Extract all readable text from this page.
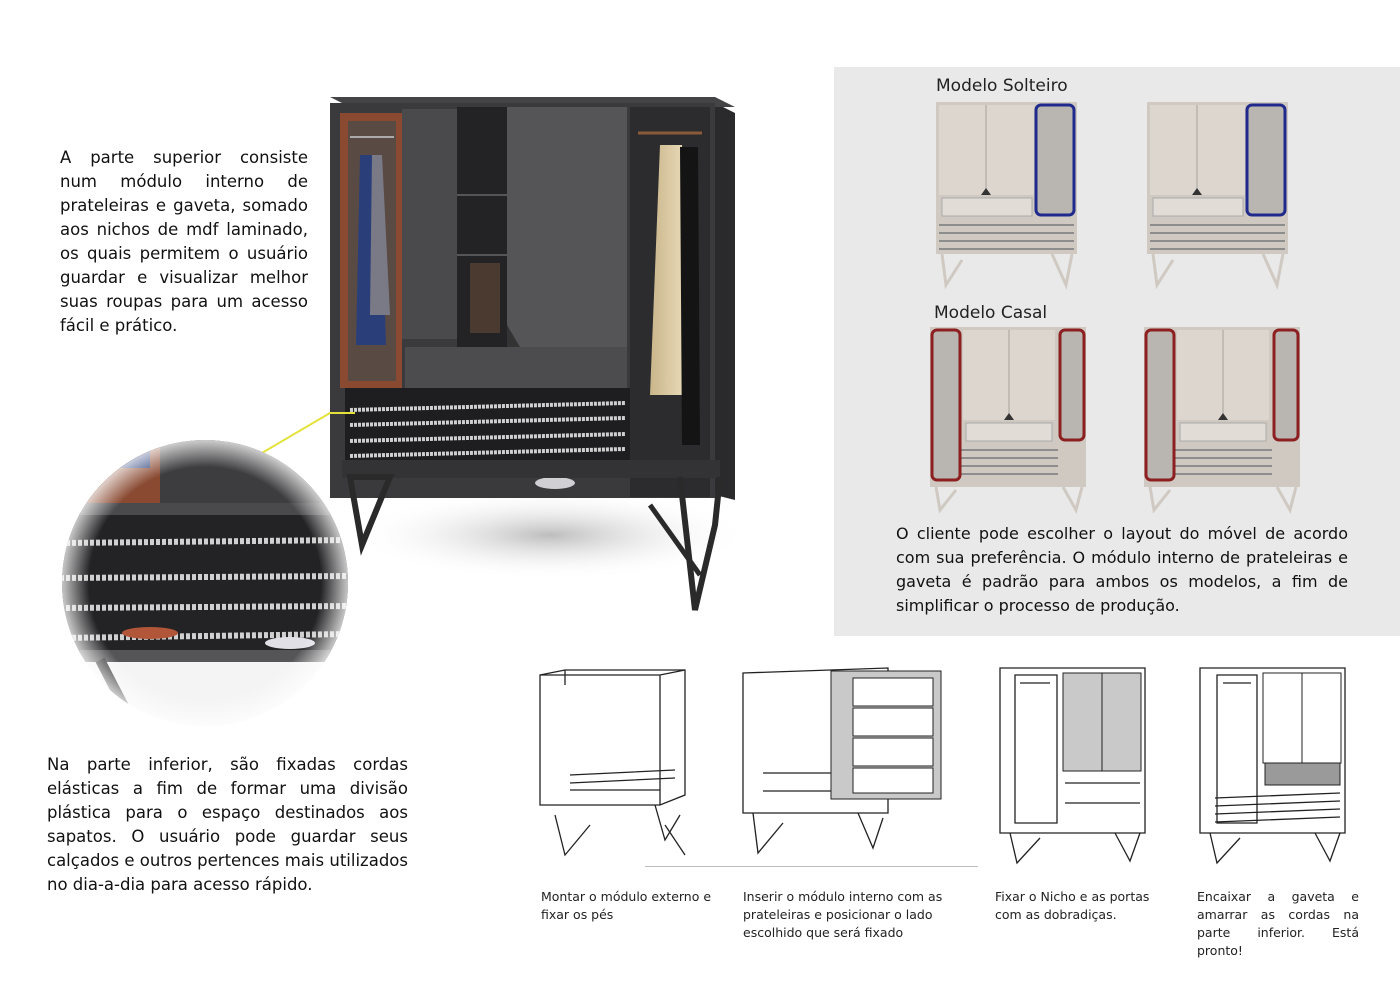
A parte superior consiste num módulo interno de prateleiras e gaveta, somado aos nichos de mdf laminado, os quais permitem o usuário guardar e visualizar melhor suas roupas para um acesso fácil e prático.

Na parte inferior, são fixadas cordas elásticas a fim de formar uma divisão plástica para o espaço destinados aos sapatos. O usuário pode guardar seus calçados e outros pertences mais utilizados no dia-a-dia para acesso rápido.

Modelo Solteiro
Modelo Casal

O cliente pode escolher o layout do móvel de acordo com sua preferência. O módulo interno de prateleiras e gaveta é padrão para ambos os modelos, a fim de simplificar o processo de produção.

Montar o módulo externo e fixar os pés

Inserir o módulo interno com as prateleiras e posicionar o lado escolhido que será fixado

Fixar o Nicho e as portas com as dobradiças.

Encaixar a gaveta e amarrar as cordas na parte inferior. Está pronto!
